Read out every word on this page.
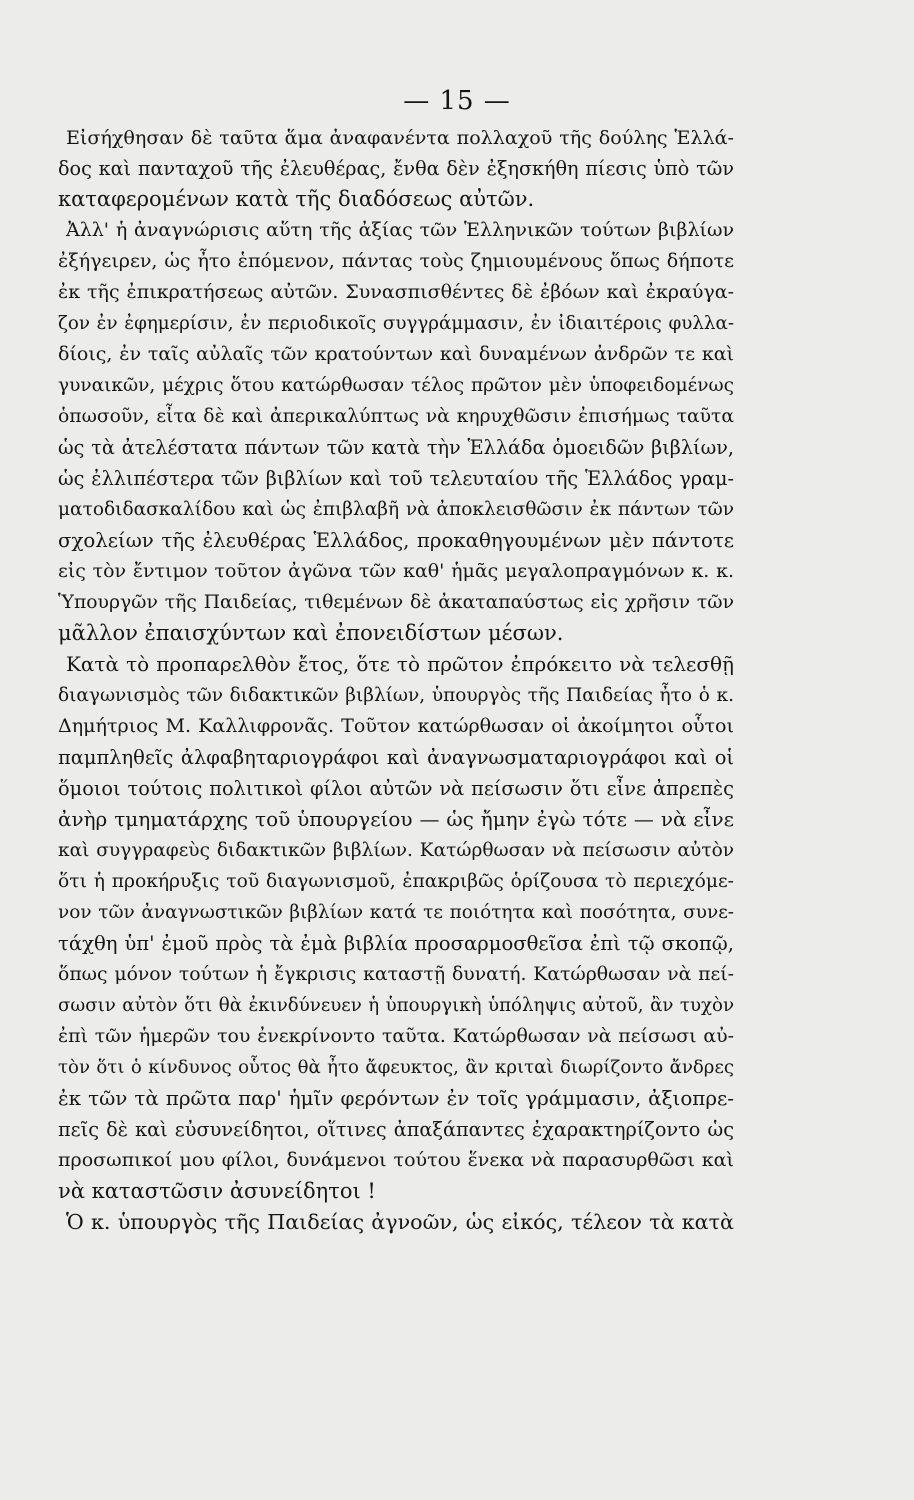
— 15 —
Εἰσήχθησαν δὲ ταῦτα ἅμα ἀναφανέντα πολλαχοῦ τῆς δούλης Ἑλλά-
δος καὶ πανταχοῦ τῆς ἐλευθέρας, ἔνθα δὲν ἐξησκήθη πίεσις ὑπὸ τῶν
καταφερομένων κατὰ τῆς διαδόσεως αὐτῶν.
Ἀλλ' ἡ ἀναγνώρισις αὕτη τῆς ἀξίας τῶν Ἑλληνικῶν τούτων βιβλίων
ἐξήγειρεν, ὡς ἦτο ἑπόμενον, πάντας τοὺς ζημιουμένους ὅπως δήποτε
ἐκ τῆς ἐπικρατήσεως αὐτῶν. Συνασπισθέντες δὲ ἐβόων καὶ ἐκραύγα-
ζον ἐν ἐφημερίσιν, ἐν περιοδικοῖς συγγράμμασιν, ἐν ἰδιαιτέροις φυλλα-
δίοις, ἐν ταῖς αὐλαῖς τῶν κρατούντων καὶ δυναμένων ἀνδρῶν τε καὶ
γυναικῶν, μέχρις ὅτου κατώρθωσαν τέλος πρῶτον μὲν ὑποφειδομένως
ὁπωσοῦν, εἶτα δὲ καὶ ἀπερικαλύπτως νὰ κηρυχθῶσιν ἐπισήμως ταῦτα
ὡς τὰ ἀτελέστατα πάντων τῶν κατὰ τὴν Ἑλλάδα ὁμοειδῶν βιβλίων,
ὡς ἐλλιπέστερα τῶν βιβλίων καὶ τοῦ τελευταίου τῆς Ἑλλάδος γραμ-
ματοδιδασκαλίδου καὶ ὡς ἐπιβλαβῆ νὰ ἀποκλεισθῶσιν ἐκ πάντων τῶν
σχολείων τῆς ἐλευθέρας Ἑλλάδος, προκαθηγουμένων μὲν πάντοτε
εἰς τὸν ἔντιμον τοῦτον ἀγῶνα τῶν καθ' ἡμᾶς μεγαλοπραγμόνων κ. κ.
Ὑπουργῶν τῆς Παιδείας, τιθεμένων δὲ ἀκαταπαύστως εἰς χρῆσιν τῶν
μᾶλλον ἐπαισχύντων καὶ ἐπονειδίστων μέσων.
Κατὰ τὸ προπαρελθὸν ἔτος, ὅτε τὸ πρῶτον ἐπρόκειτο νὰ τελεσθῇ
διαγωνισμὸς τῶν διδακτικῶν βιβλίων, ὑπουργὸς τῆς Παιδείας ἦτο ὁ κ.
Δημήτριος Μ. Καλλιφρονᾶς. Τοῦτον κατώρθωσαν οἱ ἀκοίμητοι οὗτοι
παμπληθεῖς ἀλφαβηταριογράφοι καὶ ἀναγνωσματαριογράφοι καὶ οἱ
ὅμοιοι τούτοις πολιτικοὶ φίλοι αὐτῶν νὰ πείσωσιν ὅτι εἶνε ἀπρεπὲς
ἀνὴρ τμηματάρχης τοῦ ὑπουργείου — ὡς ἤμην ἐγὼ τότε — νὰ εἶνε
καὶ συγγραφεὺς διδακτικῶν βιβλίων. Κατώρθωσαν νὰ πείσωσιν αὐτὸν
ὅτι ἡ προκήρυξις τοῦ διαγωνισμοῦ, ἐπακριβῶς ὁρίζουσα τὸ περιεχόμε-
νον τῶν ἀναγνωστικῶν βιβλίων κατά τε ποιότητα καὶ ποσότητα, συνε-
τάχθη ὑπ' ἐμοῦ πρὸς τὰ ἐμὰ βιβλία προσαρμοσθεῖσα ἐπὶ τῷ σκοπῷ,
ὅπως μόνον τούτων ἡ ἔγκρισις καταστῇ δυνατή. Κατώρθωσαν νὰ πεί-
σωσιν αὐτὸν ὅτι θὰ ἐκινδύνευεν ἡ ὑπουργικὴ ὑπόληψις αὐτοῦ, ἂν τυχὸν
ἐπὶ τῶν ἡμερῶν του ἐνεκρίνοντο ταῦτα. Κατώρθωσαν νὰ πείσωσι αὐ-
τὸν ὅτι ὁ κίνδυνος οὗτος θὰ ἦτο ἄφευκτος, ἂν κριταὶ διωρίζοντο ἄνδρες
ἐκ τῶν τὰ πρῶτα παρ' ἡμῖν φερόντων ἐν τοῖς γράμμασιν, ἀξιοπρε-
πεῖς δὲ καὶ εὐσυνείδητοι, οἵτινες ἀπαξάπαντες ἐχαρακτηρίζοντο ὡς
προσωπικοί μου φίλοι, δυνάμενοι τούτου ἕνεκα νὰ παρασυρθῶσι καὶ
νὰ καταστῶσιν ἀσυνείδητοι !
Ὁ κ. ὑπουργὸς τῆς Παιδείας ἀγνοῶν, ὡς εἰκός, τέλεον τὰ κατὰ
